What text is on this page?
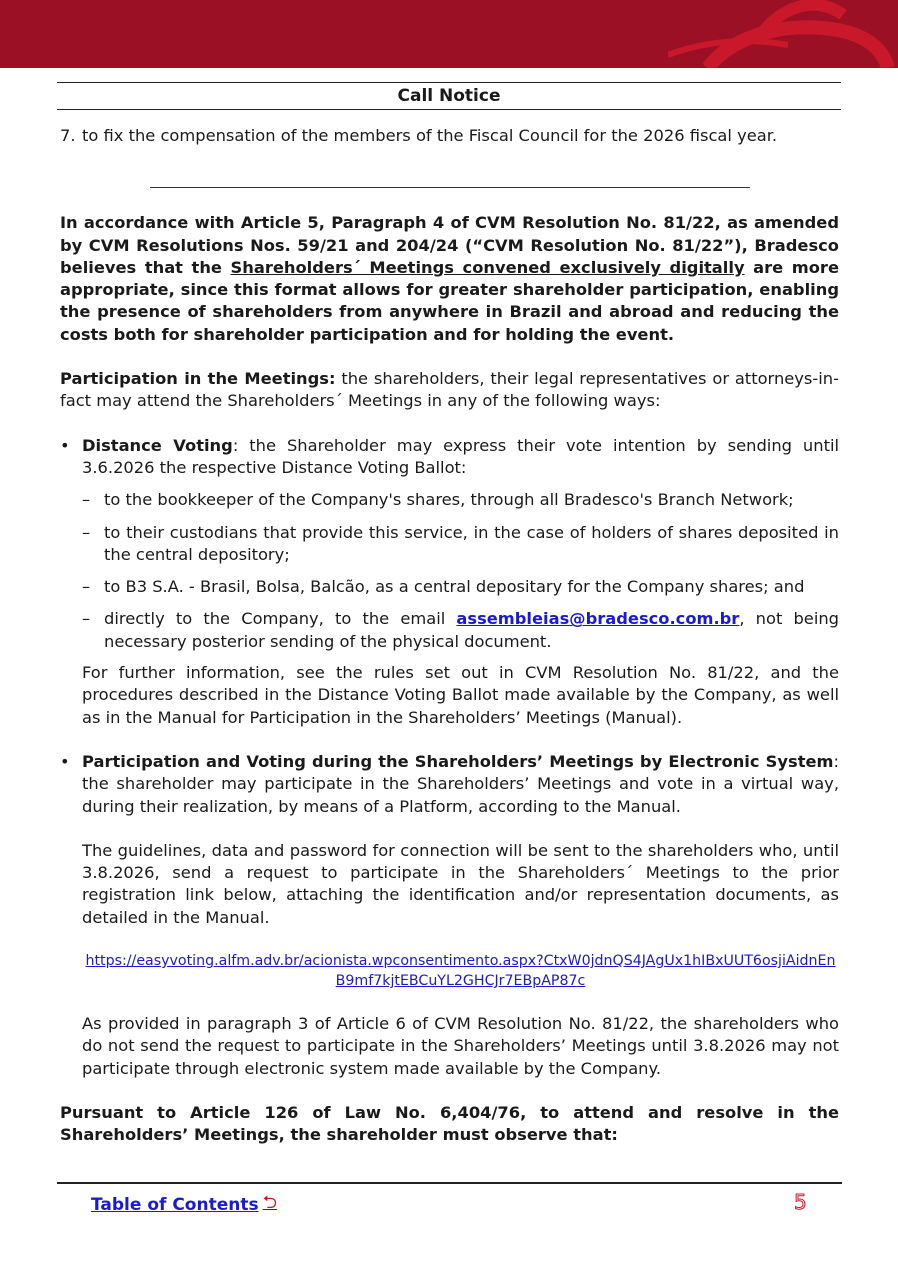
Call Notice
7. to fix the compensation of the members of the Fiscal Council for the 2026 fiscal year.

In accordance with Article 5, Paragraph 4 of CVM Resolution No. 81/22, as amended by CVM Resolutions Nos. 59/21 and 204/24 (“CVM Resolution No. 81/22”), Bradesco believes that the Shareholders´ Meetings convened exclusively digitally are more appropriate, since this format allows for greater shareholder participation, enabling the presence of shareholders from anywhere in Brazil and abroad and reducing the costs both for shareholder participation and for holding the event.

Participation in the Meetings: the shareholders, their legal representatives or attorneys-in-fact may attend the Shareholders´ Meetings in any of the following ways:

• Distance Voting: the Shareholder may express their vote intention by sending until 3.6.2026 the respective Distance Voting Ballot:

– to the bookkeeper of the Company's shares, through all Bradesco's Branch Network;
– to their custodians that provide this service, in the case of holders of shares deposited in the central depository;
– to B3 S.A. - Brasil, Bolsa, Balcão, as a central depositary for the Company shares; and
– directly to the Company, to the email assembleias@bradesco.com.br, not being necessary posterior sending of the physical document.

For further information, see the rules set out in CVM Resolution No. 81/22, and the procedures described in the Distance Voting Ballot made available by the Company, as well as in the Manual for Participation in the Shareholders’ Meetings (Manual).

• Participation and Voting during the Shareholders’ Meetings by Electronic System: the shareholder may participate in the Shareholders’ Meetings and vote in a virtual way, during their realization, by means of a Platform, according to the Manual.

The guidelines, data and password for connection will be sent to the shareholders who, until 3.8.2026, send a request to participate in the Shareholders´ Meetings to the prior registration link below, attaching the identification and/or representation documents, as detailed in the Manual.

https://easyvoting.alfm.adv.br/acionista.wpconsentimento.aspx?CtxW0jdnQS4JAgUx1hIBxUUT6osjiAidnEnB9mf7kjtEBCuYL2GHCJr7EBpAP87c

As provided in paragraph 3 of Article 6 of CVM Resolution No. 81/22, the shareholders who do not send the request to participate in the Shareholders’ Meetings until 3.8.2026 may not participate through electronic system made available by the Company.

Pursuant to Article 126 of Law No. 6,404/76, to attend and resolve in the Shareholders’ Meetings, the shareholder must observe that:

Table of Contents ⮌	5
